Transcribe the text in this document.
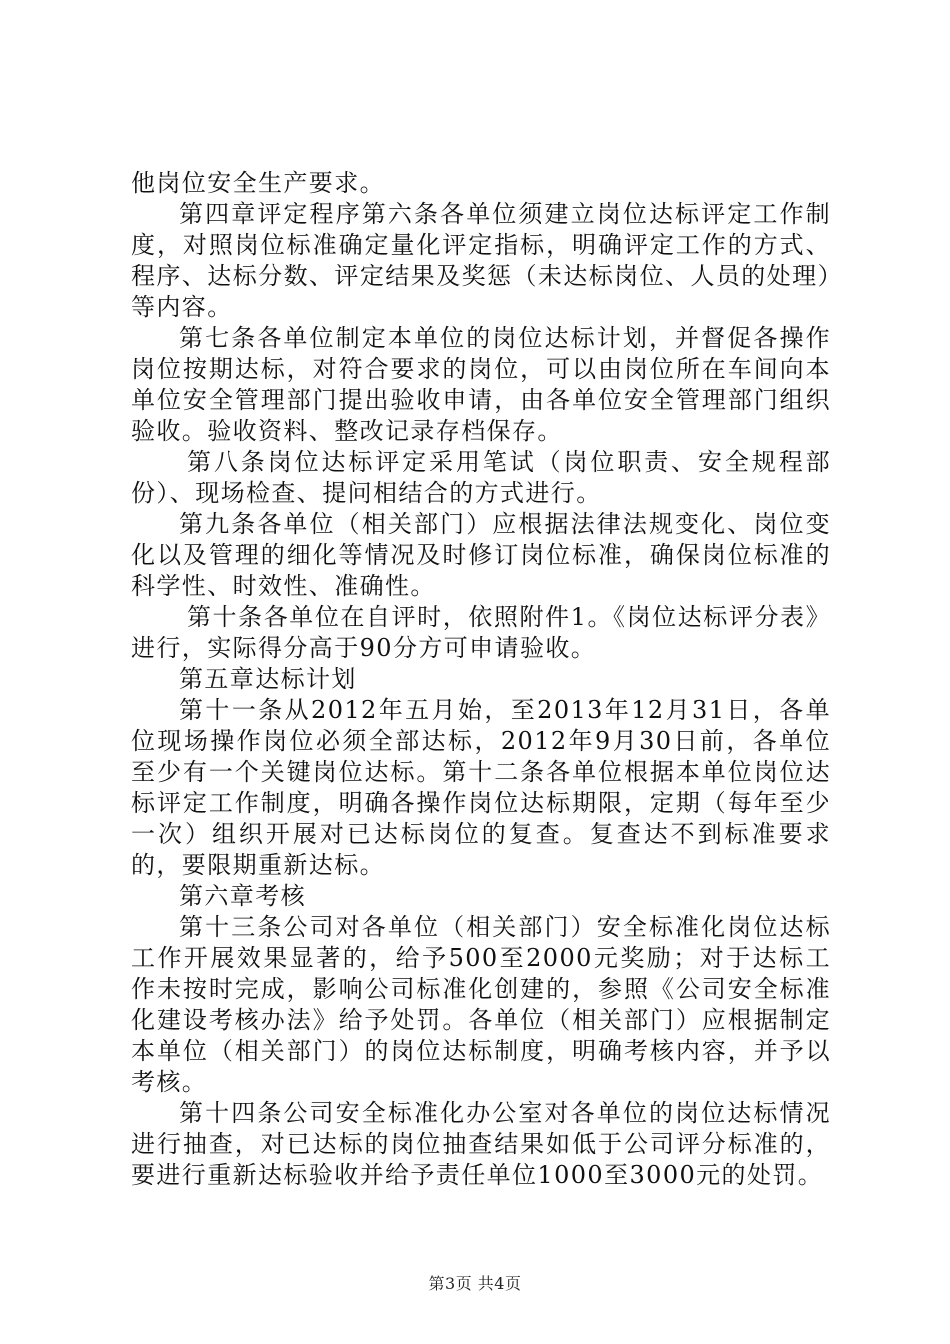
他岗位安全生产要求。

第四章评定程序第六条各单位须建立岗位达标评定工作制度，对照岗位标准确定量化评定指标，明确评定工作的方式、程序、达标分数、评定结果及奖惩（未达标岗位、人员的处理）等内容。

第七条各单位制定本单位的岗位达标计划，并督促各操作岗位按期达标，对符合要求的岗位，可以由岗位所在车间向本单位安全管理部门提出验收申请，由各单位安全管理部门组织验收。验收资料、整改记录存档保存。

第八条岗位达标评定采用笔试（岗位职责、安全规程部份）、现场检查、提问相结合的方式进行。

第九条各单位（相关部门）应根据法律法规变化、岗位变化以及管理的细化等情况及时修订岗位标准，确保岗位标准的科学性、时效性、准确性。

第十条各单位在自评时，依照附件1。《岗位达标评分表》进行，实际得分高于90分方可申请验收。

第五章达标计划

第十一条从2012年五月始，至2013年12月31日，各单位现场操作岗位必须全部达标，2012年9月30日前，各单位至少有一个关键岗位达标。第十二条各单位根据本单位岗位达标评定工作制度，明确各操作岗位达标期限，定期（每年至少一次）组织开展对已达标岗位的复查。复查达不到标准要求的，要限期重新达标。

第六章考核

第十三条公司对各单位（相关部门）安全标准化岗位达标工作开展效果显著的，给予500至2000元奖励；对于达标工作未按时完成，影响公司标准化创建的，参照《公司安全标准化建设考核办法》给予处罚。各单位（相关部门）应根据制定本单位（相关部门）的岗位达标制度，明确考核内容，并予以考核。

第十四条公司安全标准化办公室对各单位的岗位达标情况进行抽查，对已达标的岗位抽查结果如低于公司评分标准的，要进行重新达标验收并给予责任单位1000至3000元的处罚。

第3页 共4页
